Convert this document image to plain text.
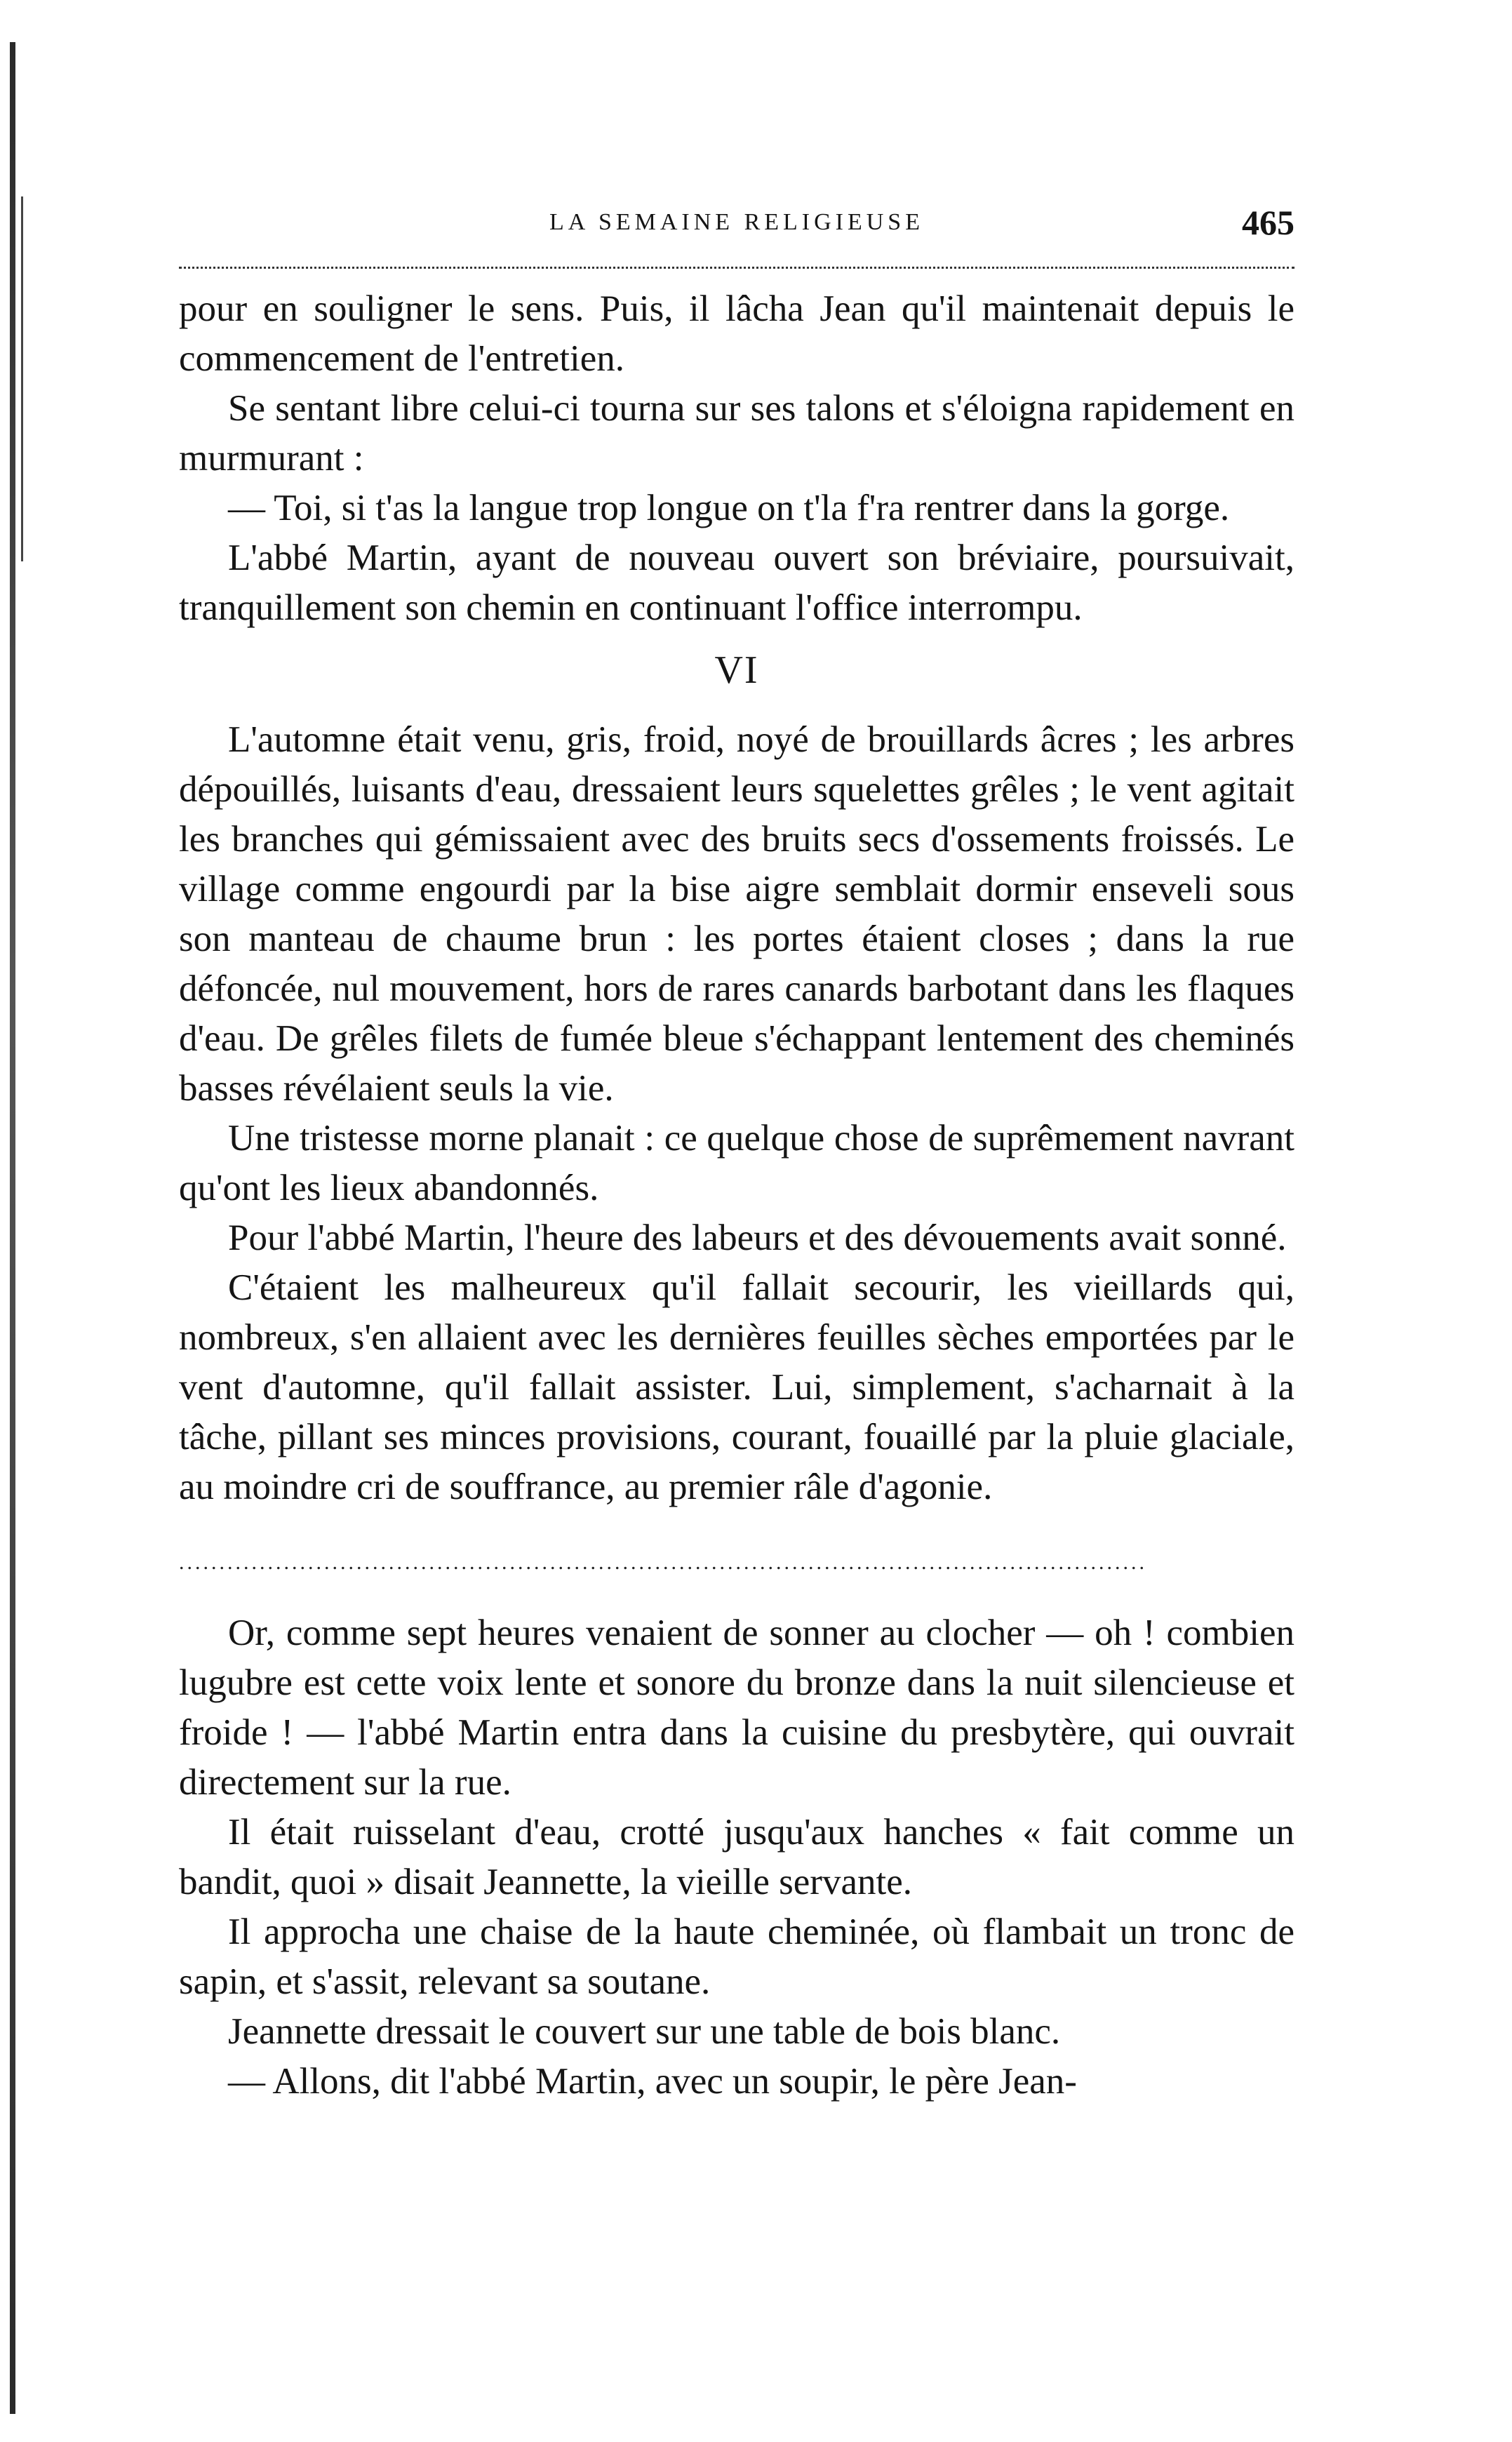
LA SEMAINE RELIGIEUSE	465

pour en souligner le sens. Puis, il lâcha Jean qu'il maintenait depuis le commencement de l'entretien.

Se sentant libre celui-ci tourna sur ses talons et s'éloigna rapidement en murmurant :

— Toi, si t'as la langue trop longue on t'la f'ra rentrer dans la gorge.

L'abbé Martin, ayant de nouveau ouvert son bréviaire, poursuivait, tranquillement son chemin en continuant l'office interrompu.

VI

L'automne était venu, gris, froid, noyé de brouillards âcres ; les arbres dépouillés, luisants d'eau, dressaient leurs squelettes grêles ; le vent agitait les branches qui gémissaient avec des bruits secs d'ossements froissés. Le village comme engourdi par la bise aigre semblait dormir enseveli sous son manteau de chaume brun : les portes étaient closes ; dans la rue défoncée, nul mouvement, hors de rares canards barbotant dans les flaques d'eau. De grêles filets de fumée bleue s'échappant lentement des cheminés basses révélaient seuls la vie.

Une tristesse morne planait : ce quelque chose de suprêmement navrant qu'ont les lieux abandonnés.

Pour l'abbé Martin, l'heure des labeurs et des dévouements avait sonné.

C'étaient les malheureux qu'il fallait secourir, les vieillards qui, nombreux, s'en allaient avec les dernières feuilles sèches emportées par le vent d'automne, qu'il fallait assister. Lui, simplement, s'acharnait à la tâche, pillant ses minces provisions, courant, fouaillé par la pluie glaciale, au moindre cri de souffrance, au premier râle d'agonie.

........................................................................................................................

Or, comme sept heures venaient de sonner au clocher — oh ! combien lugubre est cette voix lente et sonore du bronze dans la nuit silencieuse et froide ! — l'abbé Martin entra dans la cuisine du presbytère, qui ouvrait directement sur la rue.

Il était ruisselant d'eau, crotté jusqu'aux hanches « fait comme un bandit, quoi » disait Jeannette, la vieille servante.

Il approcha une chaise de la haute cheminée, où flambait un tronc de sapin, et s'assit, relevant sa soutane.

Jeannette dressait le couvert sur une table de bois blanc.

— Allons, dit l'abbé Martin, avec un soupir, le père Jean-
